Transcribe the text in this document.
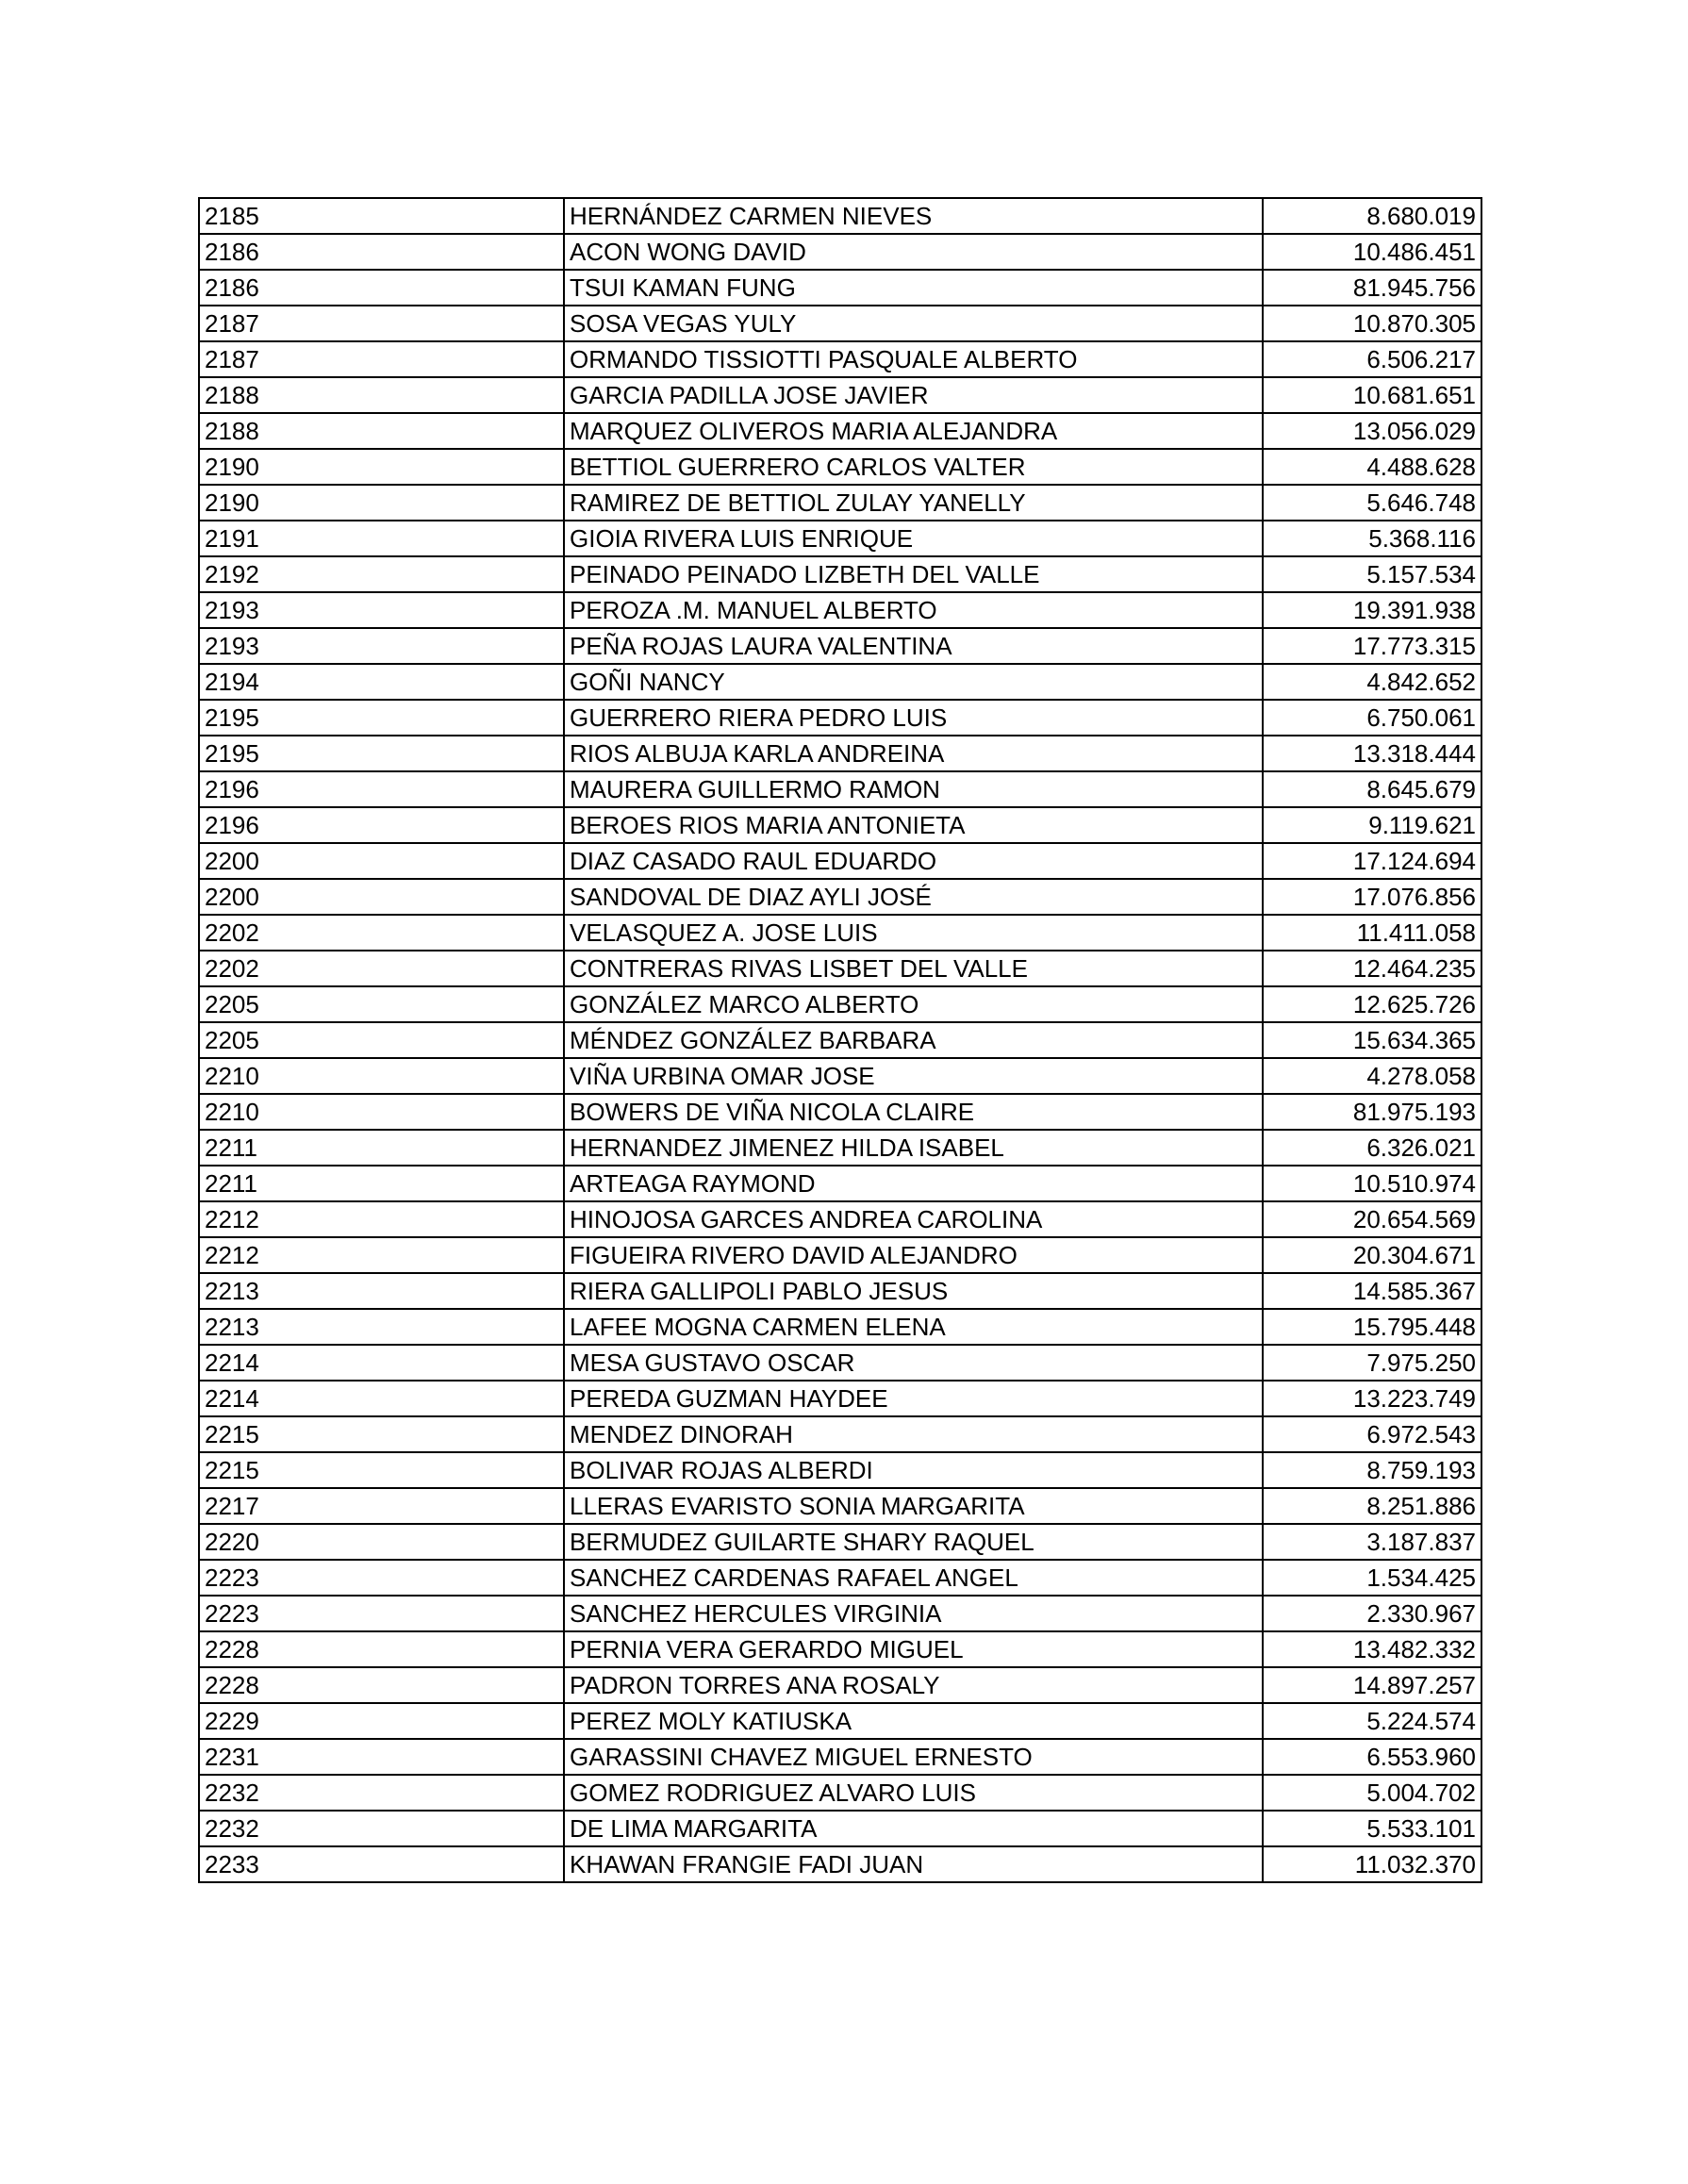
2185	HERNÁNDEZ CARMEN NIEVES	8.680.019
2186	ACON WONG DAVID	10.486.451
2186	TSUI KAMAN FUNG	81.945.756
2187	SOSA VEGAS YULY	10.870.305
2187	ORMANDO TISSIOTTI PASQUALE ALBERTO	6.506.217
2188	GARCIA PADILLA JOSE JAVIER	10.681.651
2188	MARQUEZ OLIVEROS MARIA ALEJANDRA	13.056.029
2190	BETTIOL GUERRERO CARLOS VALTER	4.488.628
2190	RAMIREZ DE BETTIOL ZULAY YANELLY	5.646.748
2191	GIOIA RIVERA LUIS ENRIQUE	5.368.116
2192	PEINADO PEINADO LIZBETH DEL VALLE	5.157.534
2193	PEROZA .M. MANUEL ALBERTO	19.391.938
2193	PEÑA ROJAS LAURA VALENTINA	17.773.315
2194	GOÑI NANCY	4.842.652
2195	GUERRERO RIERA PEDRO LUIS	6.750.061
2195	RIOS ALBUJA KARLA ANDREINA	13.318.444
2196	MAURERA GUILLERMO RAMON	8.645.679
2196	BEROES RIOS MARIA ANTONIETA	9.119.621
2200	DIAZ CASADO RAUL EDUARDO	17.124.694
2200	SANDOVAL DE DIAZ AYLI JOSÉ	17.076.856
2202	VELASQUEZ A. JOSE LUIS	11.411.058
2202	CONTRERAS RIVAS LISBET DEL VALLE	12.464.235
2205	GONZÁLEZ MARCO ALBERTO	12.625.726
2205	MÉNDEZ GONZÁLEZ BARBARA	15.634.365
2210	VIÑA URBINA OMAR JOSE	4.278.058
2210	BOWERS DE VIÑA NICOLA CLAIRE	81.975.193
2211	HERNANDEZ JIMENEZ HILDA ISABEL	6.326.021
2211	ARTEAGA RAYMOND	10.510.974
2212	HINOJOSA GARCES ANDREA CAROLINA	20.654.569
2212	FIGUEIRA RIVERO DAVID ALEJANDRO	20.304.671
2213	RIERA GALLIPOLI PABLO JESUS	14.585.367
2213	LAFEE MOGNA CARMEN ELENA	15.795.448
2214	MESA GUSTAVO OSCAR	7.975.250
2214	PEREDA GUZMAN HAYDEE	13.223.749
2215	MENDEZ DINORAH	6.972.543
2215	BOLIVAR ROJAS ALBERDI	8.759.193
2217	LLERAS EVARISTO SONIA MARGARITA	8.251.886
2220	BERMUDEZ GUILARTE SHARY RAQUEL	3.187.837
2223	SANCHEZ CARDENAS RAFAEL ANGEL	1.534.425
2223	SANCHEZ HERCULES VIRGINIA	2.330.967
2228	PERNIA VERA GERARDO MIGUEL	13.482.332
2228	PADRON TORRES ANA ROSALY	14.897.257
2229	PEREZ MOLY KATIUSKA	5.224.574
2231	GARASSINI CHAVEZ MIGUEL ERNESTO	6.553.960
2232	GOMEZ RODRIGUEZ ALVARO LUIS	5.004.702
2232	DE LIMA MARGARITA	5.533.101
2233	KHAWAN FRANGIE FADI JUAN	11.032.370
